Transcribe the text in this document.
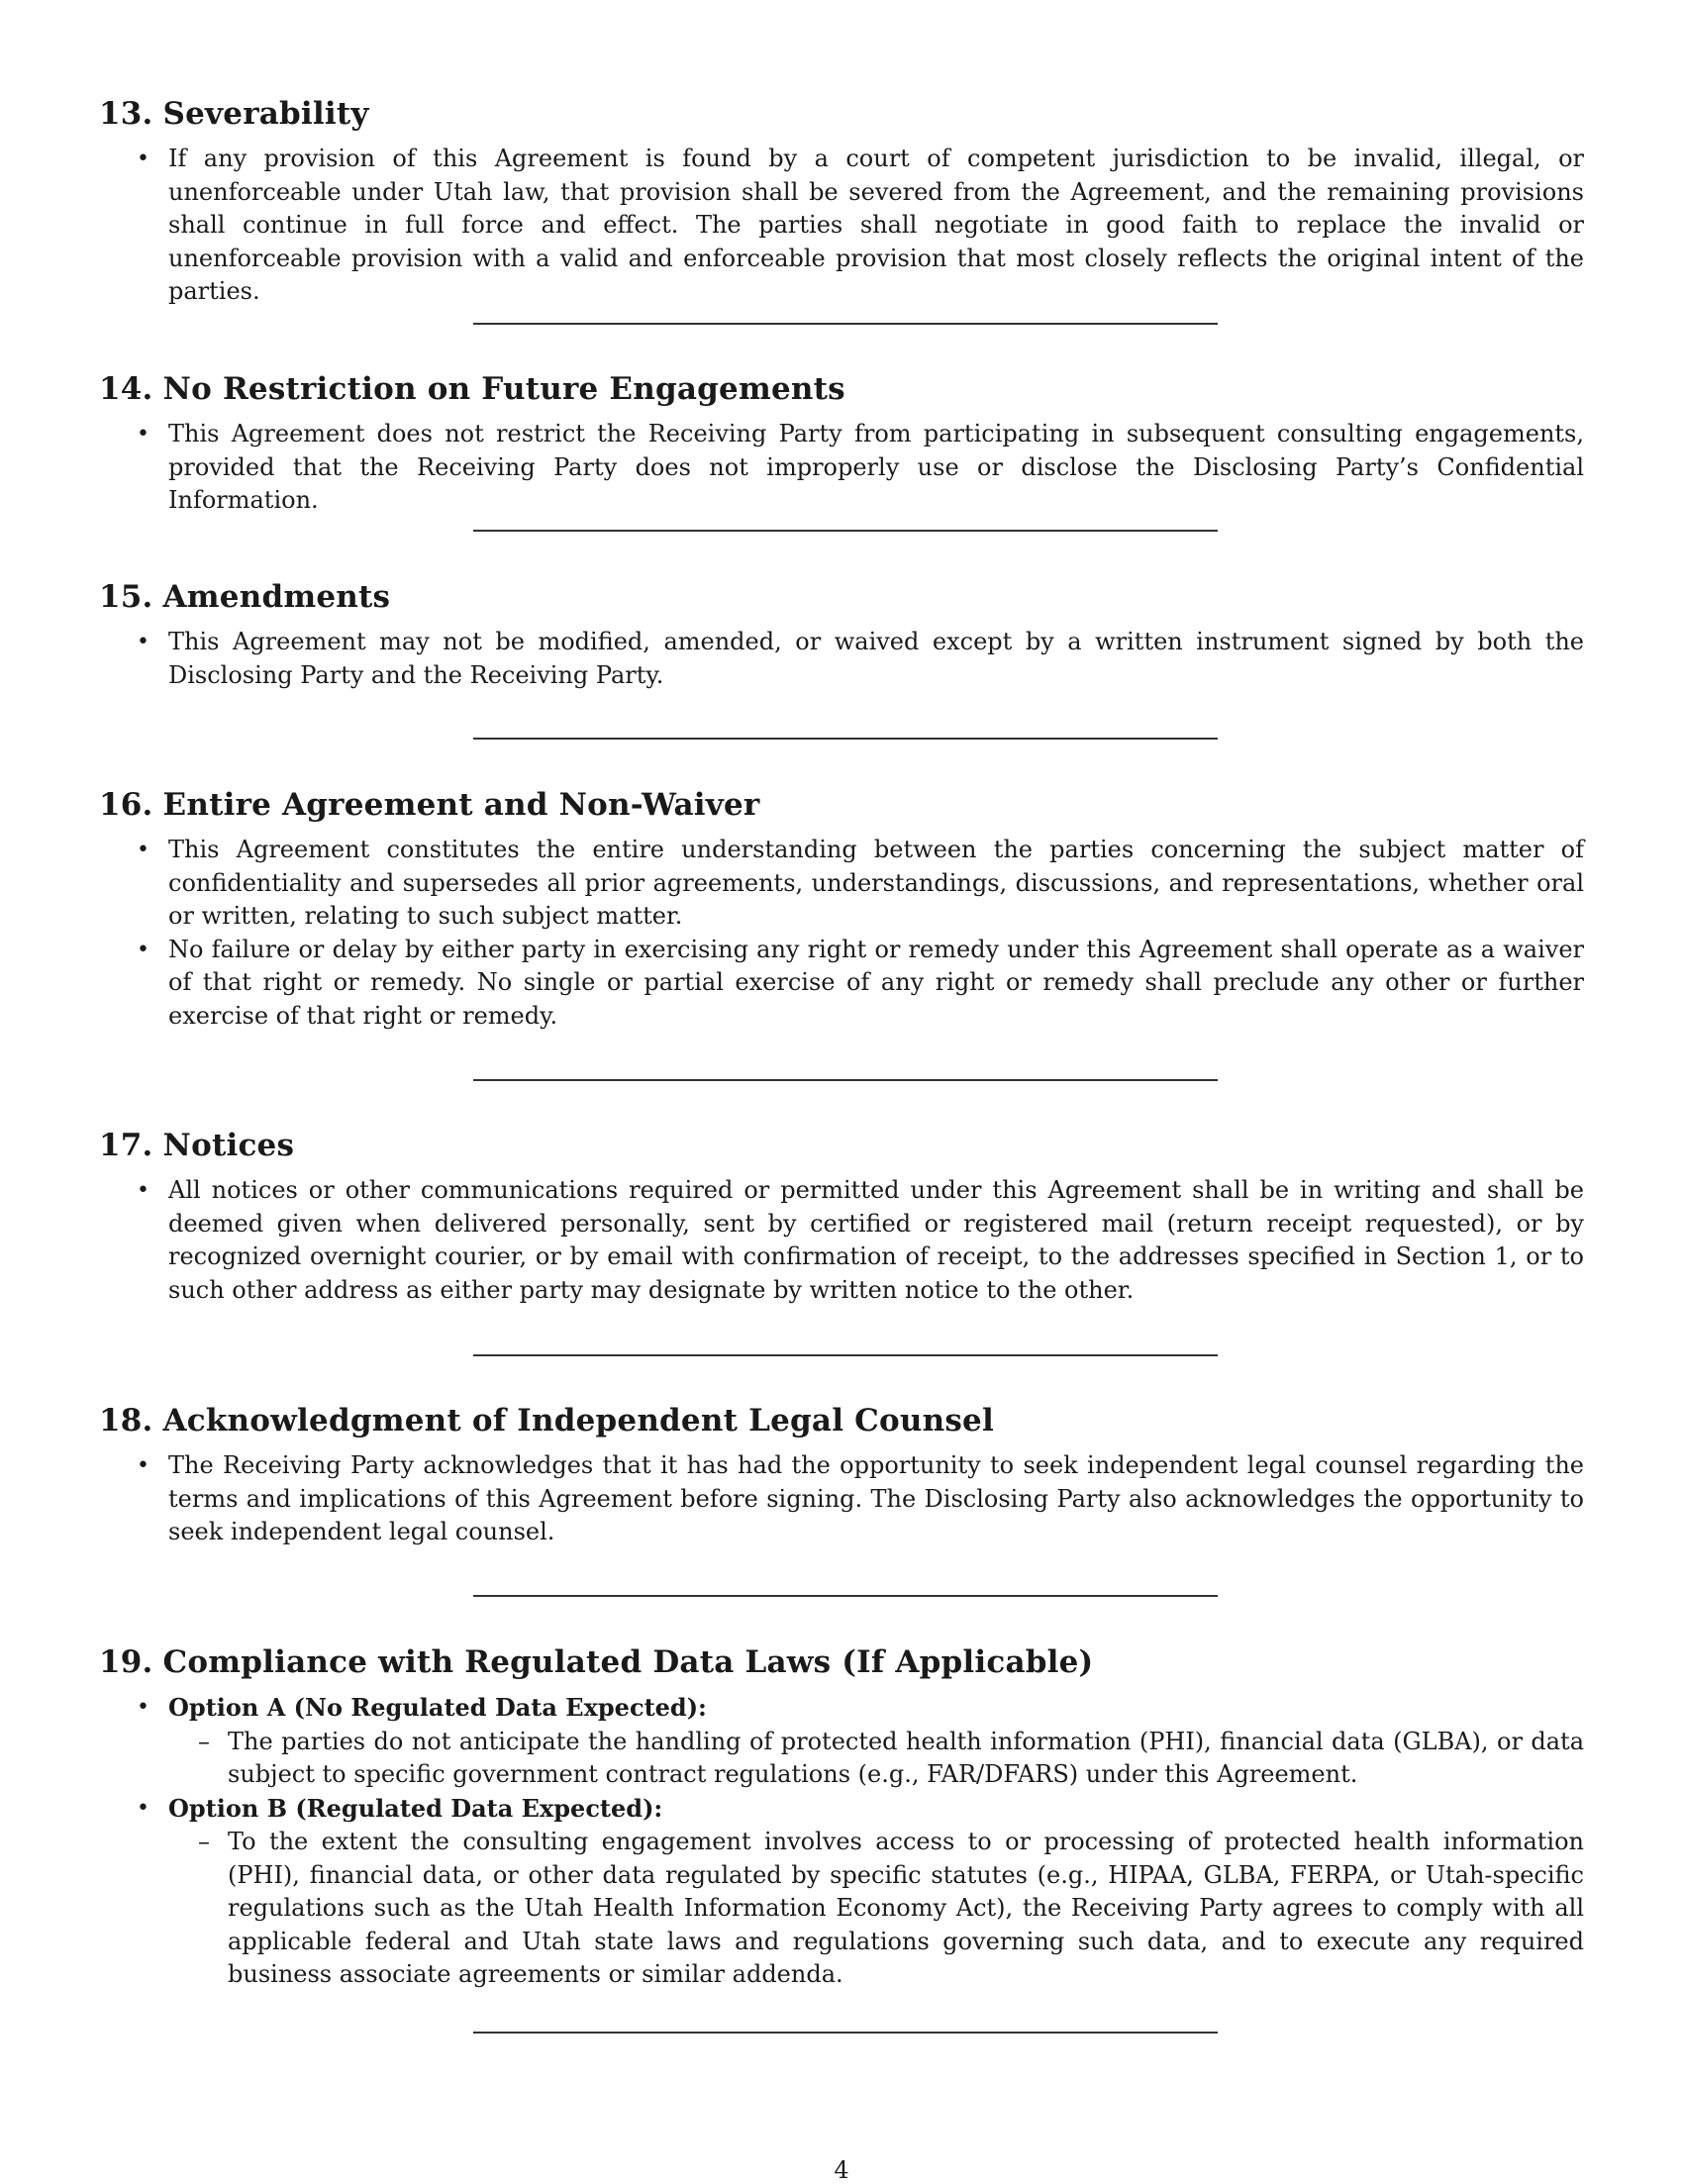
13. Severability
• If any provision of this Agreement is found by a court of competent jurisdiction to be invalid, illegal, or unenforceable under Utah law, that provision shall be severed from the Agreement, and the remaining provisions shall continue in full force and effect. The parties shall negotiate in good faith to replace the invalid or unenforceable provision with a valid and enforceable provision that most closely reflects the original intent of the parties.
14. No Restriction on Future Engagements
• This Agreement does not restrict the Receiving Party from participating in subsequent consulting engagements, provided that the Receiving Party does not improperly use or disclose the Disclosing Party’s Confidential Information.
15. Amendments
• This Agreement may not be modified, amended, or waived except by a written instrument signed by both the Disclosing Party and the Receiving Party.
16. Entire Agreement and Non-Waiver
• This Agreement constitutes the entire understanding between the parties concerning the subject matter of confidentiality and supersedes all prior agreements, understandings, discussions, and representations, whether oral or written, relating to such subject matter.
• No failure or delay by either party in exercising any right or remedy under this Agreement shall operate as a waiver of that right or remedy. No single or partial exercise of any right or remedy shall preclude any other or further exercise of that right or remedy.
17. Notices
• All notices or other communications required or permitted under this Agreement shall be in writing and shall be deemed given when delivered personally, sent by certified or registered mail (return receipt requested), or by recognized overnight courier, or by email with confirmation of receipt, to the addresses specified in Section 1, or to such other address as either party may designate by written notice to the other.
18. Acknowledgment of Independent Legal Counsel
• The Receiving Party acknowledges that it has had the opportunity to seek independent legal counsel regarding the terms and implications of this Agreement before signing. The Disclosing Party also acknowledges the opportunity to seek independent legal counsel.
19. Compliance with Regulated Data Laws (If Applicable)
• Option A (No Regulated Data Expected):
– The parties do not anticipate the handling of protected health information (PHI), financial data (GLBA), or data subject to specific government contract regulations (e.g., FAR/DFARS) under this Agreement.
• Option B (Regulated Data Expected):
– To the extent the consulting engagement involves access to or processing of protected health information (PHI), financial data, or other data regulated by specific statutes (e.g., HIPAA, GLBA, FERPA, or Utah-specific regulations such as the Utah Health Information Economy Act), the Receiving Party agrees to comply with all applicable federal and Utah state laws and regulations governing such data, and to execute any required business associate agreements or similar addenda.
4
